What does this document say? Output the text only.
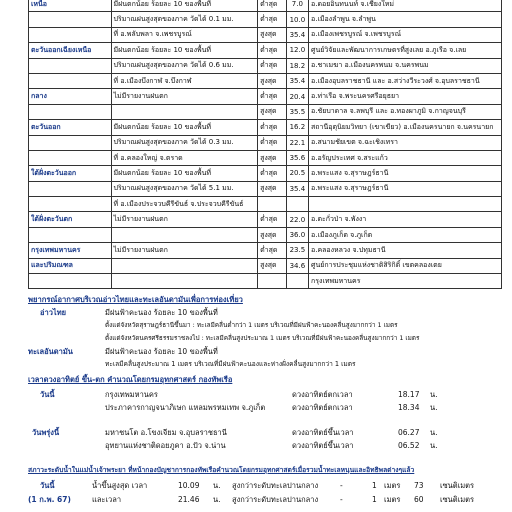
เหนือ	มีฝนตกน้อย ร้อยละ 10 ของพื้นที่	ต่ำสุด	7.0	อ.ดอยอินทนนท์ จ.เชียงใหม่
	ปริมาณฝนสูงสุดของภาค วัดได้ 0.1 มม.	ต่ำสุด	10.0	อ.เมืองลำพูน จ.ลำพูน
	ที่ อ.พลับพลา จ.เพชรบูรณ์	สูงสุด	35.4	อ.เมืองเพชรบูรณ์ จ.เพชรบูรณ์
ตะวันออกเฉียงเหนือ	มีฝนตกน้อย ร้อยละ 10 ของพื้นที่	ต่ำสุด	12.0	ศูนย์วิจัยและพัฒนาการเกษตรที่สูงเลย อ.ภูเรือ จ.เลย
	ปริมาณฝนสูงสุดของภาค วัดได้ 0.6 มม.	ต่ำสุด	18.2	อ.ชาเมฆา อ.เมืองนครพนม จ.นครพนม
	ที่ อ.เมืองบึงกาฬ จ.บึงกาฬ	สูงสุด	35.4	อ.เมืองอุบลราชธานี และ อ.สว่างวีระวงศ์ จ.อุบลราชธานี
กลาง	ไม่มีรายงานฝนตก	ต่ำสุด	20.4	อ.ท่าเรือ จ.พระนครศรีอยุธยา
		สูงสุด	35.5	อ.ชัยบาดาล จ.ลพบุรี และ อ.ทองผาภูมิ จ.กาญจนบุรี
ตะวันออก	มีฝนตกน้อย ร้อยละ 10 ของพื้นที่	ต่ำสุด	16.2	สถานีอุตุนิยมวิทยา (เขาเขียว) อ.เมืองนครนายก จ.นครนายก
	ปริมาณฝนสูงสุดของภาค วัดได้ 0.3 มม.	ต่ำสุด	22.1	อ.สนามชัยเขต จ.ฉะเชิงเทรา
	ที่ อ.คลองใหญ่ จ.ตราด	สูงสุด	35.6	อ.อรัญประเทศ จ.สระแก้ว
ใต้ฝั่งตะวันออก	มีฝนตกน้อย ร้อยละ 10 ของพื้นที่	ต่ำสุด	20.5	อ.พระแสง จ.สุราษฎร์ธานี
	ปริมาณฝนสูงสุดของภาค วัดได้ 5.1 มม.	สูงสุด	35.4	อ.พระแสง จ.สุราษฎร์ธานี
	ที่ อ.เมืองประจวบคีรีขันธ์ จ.ประจวบคีรีขันธ์			
ใต้ฝั่งตะวันตก	ไม่มีรายงานฝนตก	ต่ำสุด	22.0	อ.ตะกั่วป่า จ.พังงา
		สูงสุด	36.0	อ.เมืองภูเก็ต จ.ภูเก็ต
กรุงเทพมหานคร	ไม่มีรายงานฝนตก	ต่ำสุด	23.5	อ.คลองหลวง จ.ปทุมธานี
และปริมณฑล		สูงสุด	34.6	ศูนย์การประชุมแห่งชาติสิริกิติ์ เขตคลองเตย
				กรุงเทพมหานคร
พยากรณ์อากาศบริเวณอ่าวไทยและทะเลอันดามันเพื่อการท่องเที่ยว
อ่าวไทย	มีฝนฟ้าคะนอง ร้อยละ 10 ของพื้นที่
ตั้งแต่จังหวัดสุราษฎร์ธานีขึ้นมา : ทะเลมีคลื่นต่ำกว่า 1 เมตร บริเวณที่มีฝนฟ้าคะนองคลื่นสูงมากกว่า 1 เมตร
ตั้งแต่จังหวัดนครศรีธรรมราชลงไป : ทะเลมีคลื่นสูงประมาณ 1 เมตร บริเวณที่มีฝนฟ้าคะนองคลื่นสูงมากกว่า 1 เมตร
ทะเลอันดามัน	มีฝนฟ้าคะนอง ร้อยละ 10 ของพื้นที่
ทะเลมีคลื่นสูงประมาณ 1 เมตร บริเวณที่มีฝนฟ้าคะนองและห่างฝั่งคลื่นสูงมากกว่า 1 เมตร
เวลาดวงอาทิตย์ ขึ้น-ตก คำนวณโดยกรมอุทกศาสตร์ กองทัพเรือ
วันนี้
วันพรุ่งนี้
กรุงเทพมหานคร	ดวงอาทิตย์ตกเวลา	18.17 น.
ประภาคารกาญจนาภิเษก แหลมพรหมเทพ จ.ภูเก็ต	ดวงอาทิตย์ตกเวลา	18.34 น.
มหาชนโต อ.โขงเจียม จ.อุบลราชธานี	ดวงอาทิตย์ขึ้นเวลา	06.27 น.
อุทยานแห่งชาติดอยภูคา อ.ปัว จ.น่าน	ดวงอาทิตย์ขึ้นเวลา	06.52 น.
สภาวะระดับน้ำในแม่น้ำเจ้าพระยา ที่หน้ากองบัญชาการกองทัพเรือคำนวณโดยกรมอุทกศาสตร์เมื่อรวมน้ำทะเลหนุนและอิทธิพลต่างๆแล้ว
วันนี้
(1 ก.พ. 67)
น้ำขึ้นสูงสุด เวลา	10.09 น. สูงกว่าระดับทะเลปานกลาง	-	1 เมตร 73 เซนติเมตร
และเวลา	21.46 น. สูงกว่าระดับทะเลปานกลาง	-	1 เมตร 60 เซนติเมตร
